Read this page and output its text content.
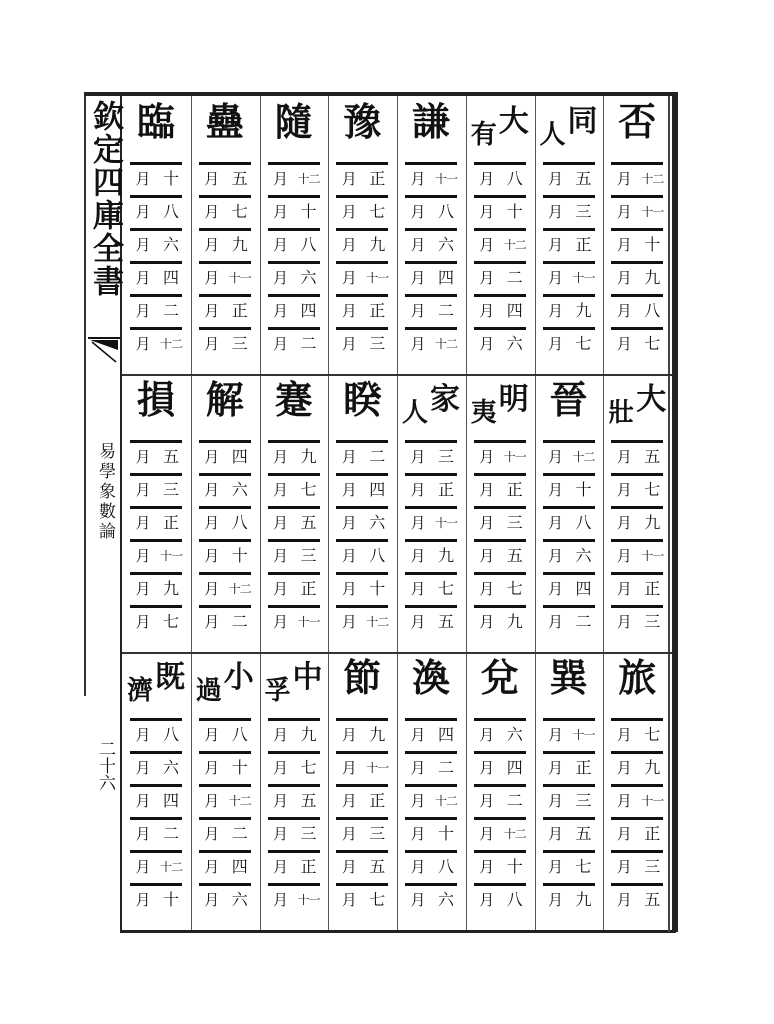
欽定四庫全書
易學象數論
二十六
否
十二
月
十一
月
十
月
九
月
八
月
七
月
同
人
五
月
三
月
正
月
十一
月
九
月
七
月
大
有
八
月
十
月
十二
月
二
月
四
月
六
月
謙
十一
月
八
月
六
月
四
月
二
月
十二
月
豫
正
月
七
月
九
月
十一
月
正
月
三
月
隨
十二
月
十
月
八
月
六
月
四
月
二
月
蠱
五
月
七
月
九
月
十一
月
正
月
三
月
臨
十
月
八
月
六
月
四
月
二
月
十二
月
大
壯
五
月
七
月
九
月
十一
月
正
月
三
月
晉
十二
月
十
月
八
月
六
月
四
月
二
月
明
夷
十一
月
正
月
三
月
五
月
七
月
九
月
家
人
三
月
正
月
十一
月
九
月
七
月
五
月
睽
二
月
四
月
六
月
八
月
十
月
十二
月
蹇
九
月
七
月
五
月
三
月
正
月
十一
月
解
四
月
六
月
八
月
十
月
十二
月
二
月
損
五
月
三
月
正
月
十一
月
九
月
七
月
旅
七
月
九
月
十一
月
正
月
三
月
五
月
巽
十一
月
正
月
三
月
五
月
七
月
九
月
兌
六
月
四
月
二
月
十二
月
十
月
八
月
渙
四
月
二
月
十二
月
十
月
八
月
六
月
節
九
月
十一
月
正
月
三
月
五
月
七
月
中
孚
九
月
七
月
五
月
三
月
正
月
十一
月
小
過
八
月
十
月
十二
月
二
月
四
月
六
月
既
濟
八
月
六
月
四
月
二
月
十二
月
十
月
